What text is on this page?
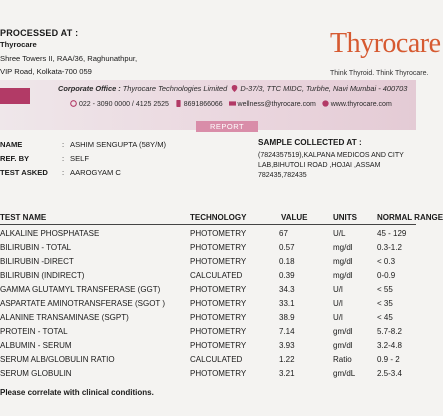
PROCESSED AT :
Thyrocare
Shree Towers II, RAA/36, Raghunathpur,
VIP Road, Kolkata-700 059
Thyrocare
Think Thyroid. Think Thyrocare.
Corporate Office : Thyrocare Technologies Limited D-37/3, TTC MIDC, Turbhe, Navi Mumbai - 400703
022 - 3090 0000 / 4125 2525 8691866066 wellness@thyrocare.com www.thyrocare.com
REPORT
NAME	: ASHIM SENGUPTA (58Y/M)
REF. BY	: SELF
TEST ASKED : AAROGYAM C
SAMPLE COLLECTED AT :
(7824357519),KALPANA MEDICOS AND CITY LAB,BIHUTOLI ROAD ,HOJAI ,ASSAM 782435,782435
TEST NAME	TECHNOLOGY	VALUE	UNITS	NORMAL RANGE
ALKALINE PHOSPHATASE	PHOTOMETRY	67	U/L	45 - 129
BILIRUBIN - TOTAL	PHOTOMETRY	0.57	mg/dl	0.3-1.2
BILIRUBIN -DIRECT	PHOTOMETRY	0.18	mg/dl	< 0.3
BILIRUBIN (INDIRECT)	CALCULATED	0.39	mg/dl	0-0.9
GAMMA GLUTAMYL TRANSFERASE (GGT)	PHOTOMETRY	34.3	U/l	< 55
ASPARTATE AMINOTRANSFERASE (SGOT )	PHOTOMETRY	33.1	U/l	< 35
ALANINE TRANSAMINASE (SGPT)	PHOTOMETRY	38.9	U/l	< 45
PROTEIN - TOTAL	PHOTOMETRY	7.14	gm/dl	5.7-8.2
ALBUMIN - SERUM	PHOTOMETRY	3.93	gm/dl	3.2-4.8
SERUM ALB/GLOBULIN RATIO	CALCULATED	1.22	Ratio	0.9 - 2
SERUM GLOBULIN	PHOTOMETRY	3.21	gm/dL	2.5-3.4
Please correlate with clinical conditions.
